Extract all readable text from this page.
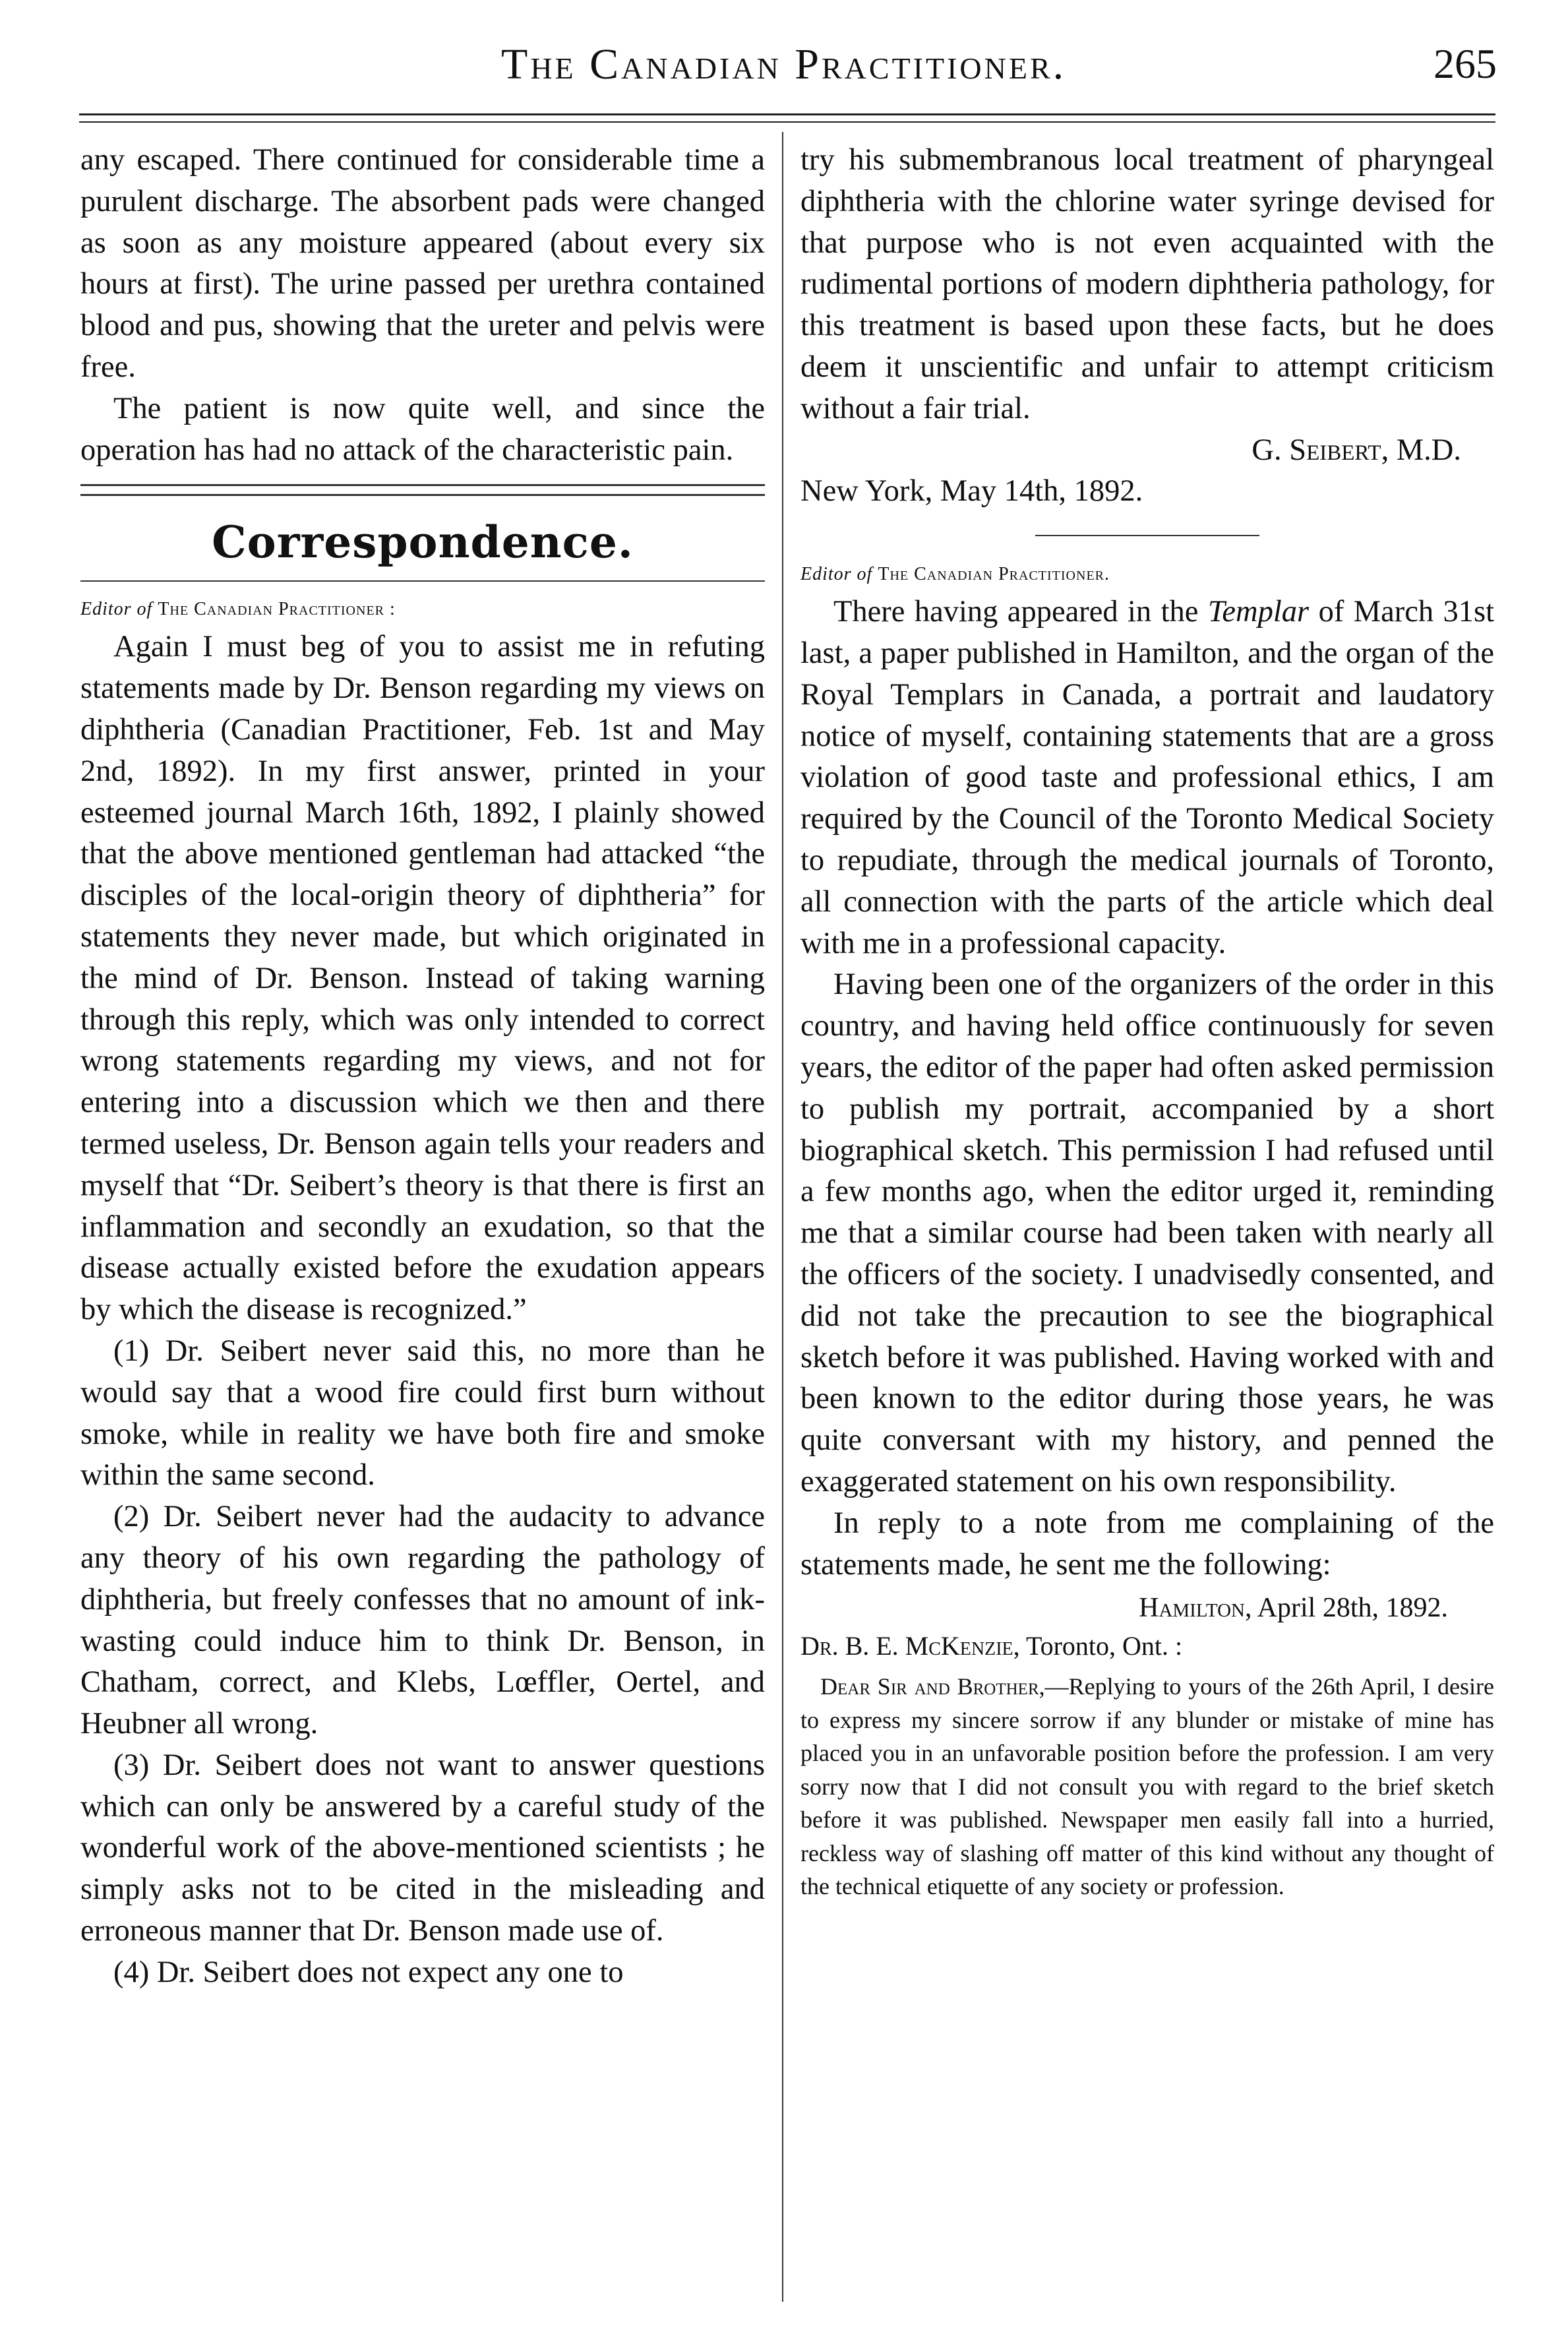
The Canadian Practitioner.	265

any escaped. There continued for considerable time a purulent discharge. The absorbent pads were changed as soon as any moisture appeared (about every six hours at first). The urine passed per urethra contained blood and pus, showing that the ureter and pelvis were free.

The patient is now quite well, and since the operation has had no attack of the characteristic pain.

Correspondence.
Editor of The Canadian Practitioner :

Again I must beg of you to assist me in refuting statements made by Dr. Benson regarding my views on diphtheria (Canadian Practitioner, Feb. 1st and May 2nd, 1892). In my first answer, printed in your esteemed journal March 16th, 1892, I plainly showed that the above mentioned gentleman had attacked “the disciples of the local-origin theory of diphtheria” for statements they never made, but which originated in the mind of Dr. Benson. Instead of taking warning through this reply, which was only intended to correct wrong statements regarding my views, and not for entering into a discussion which we then and there termed useless, Dr. Benson again tells your readers and myself that “Dr. Seibert’s theory is that there is first an inflammation and secondly an exudation, so that the disease actually existed before the exudation appears by which the disease is recognized.”

(1) Dr. Seibert never said this, no more than he would say that a wood fire could first burn without smoke, while in reality we have both fire and smoke within the same second.

(2) Dr. Seibert never had the audacity to advance any theory of his own regarding the pathology of diphtheria, but freely confesses that no amount of ink-wasting could induce him to think Dr. Benson, in Chatham, correct, and Klebs, Lœffler, Oertel, and Heubner all wrong.

(3) Dr. Seibert does not want to answer questions which can only be answered by a careful study of the wonderful work of the above-mentioned scientists ; he simply asks not to be cited in the misleading and erroneous manner that Dr. Benson made use of.

(4) Dr. Seibert does not expect any one to

try his submembranous local treatment of pharyngeal diphtheria with the chlorine water syringe devised for that purpose who is not even acquainted with the rudimental portions of modern diphtheria pathology, for this treatment is based upon these facts, but he does deem it unscientific and unfair to attempt criticism without a fair trial.

G. Seibert, M.D.

New York, May 14th, 1892.

Editor of The Canadian Practitioner.

There having appeared in the Templar of March 31st last, a paper published in Hamilton, and the organ of the Royal Templars in Canada, a portrait and laudatory notice of myself, containing statements that are a gross violation of good taste and professional ethics, I am required by the Council of the Toronto Medical Society to repudiate, through the medical journals of Toronto, all connection with the parts of the article which deal with me in a professional capacity.

Having been one of the organizers of the order in this country, and having held office continuously for seven years, the editor of the paper had often asked permission to publish my portrait, accompanied by a short biographical sketch. This permission I had refused until a few months ago, when the editor urged it, reminding me that a similar course had been taken with nearly all the officers of the society. I unadvisedly consented, and did not take the precaution to see the biographical sketch before it was published. Having worked with and been known to the editor during those years, he was quite conversant with my history, and penned the exaggerated statement on his own responsibility.

In reply to a note from me complaining of the statements made, he sent me the following:

Hamilton, April 28th, 1892.

Dr. B. E. McKenzie, Toronto, Ont. :

Dear Sir and Brother,—Replying to yours of the 26th April, I desire to express my sincere sorrow if any blunder or mistake of mine has placed you in an unfavorable position before the profession. I am very sorry now that I did not consult you with regard to the brief sketch before it was published. Newspaper men easily fall into a hurried, reckless way of slashing off matter of this kind without any thought of the technical etiquette of any society or profession.
